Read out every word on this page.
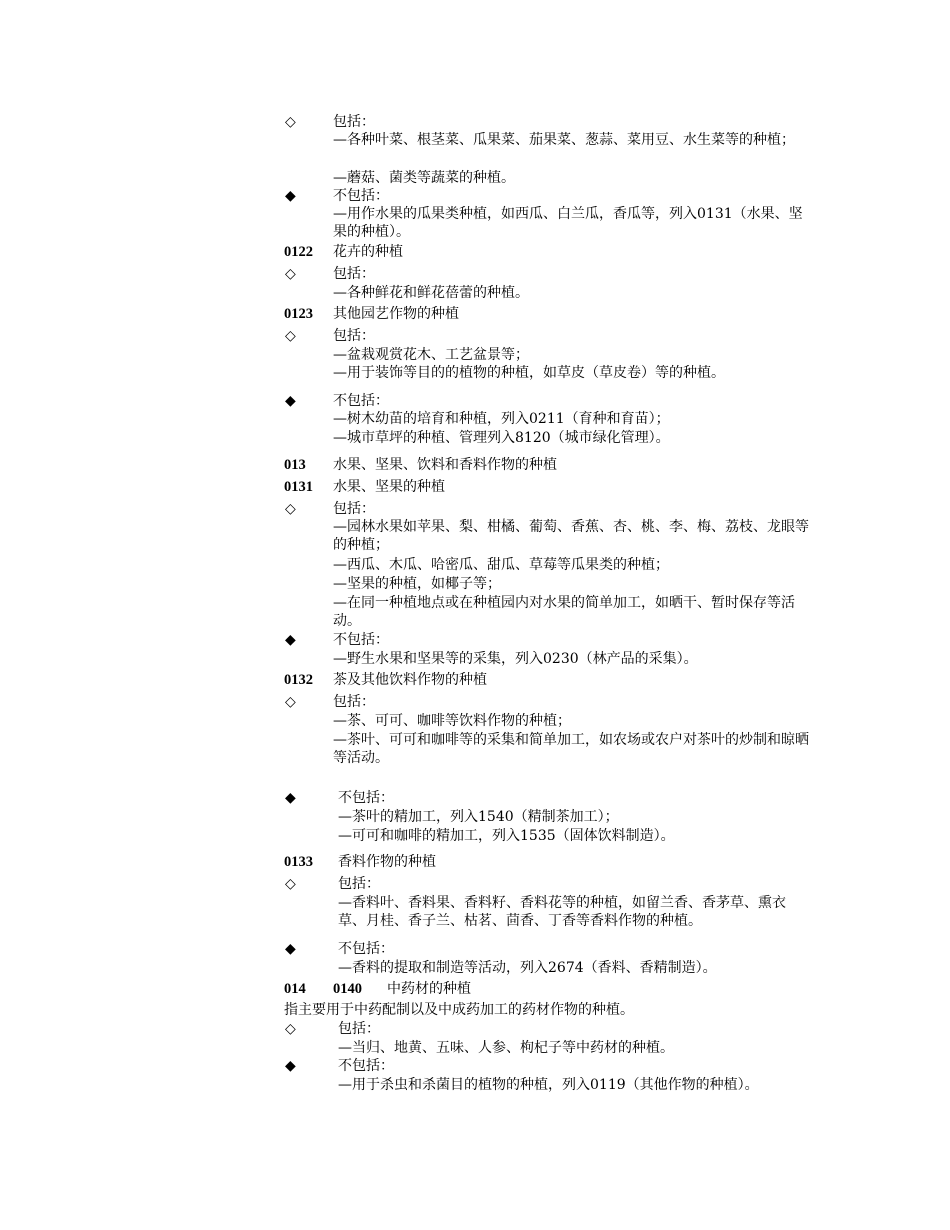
◇	包括：
—各种叶菜、根茎菜、瓜果菜、茄果菜、葱蒜、菜用豆、水生菜等的种植；
—蘑菇、菌类等蔬菜的种植。
◆	不包括：
—用作水果的瓜果类种植，如西瓜、白兰瓜，香瓜等，列入0131（水果、坚果的种植）。
0122 花卉的种植
◇	包括：
—各种鲜花和鲜花蓓蕾的种植。
0123 其他园艺作物的种植
◇	包括：
—盆栽观赏花木、工艺盆景等；
—用于装饰等目的的植物的种植，如草皮（草皮卷）等的种植。
◆	不包括：
—树木幼苗的培育和种植，列入0211（育种和育苗）；
—城市草坪的种植、管理列入8120（城市绿化管理）。
013 水果、坚果、饮料和香料作物的种植
0131 水果、坚果的种植
◇	包括：
—园林水果如苹果、梨、柑橘、葡萄、香蕉、杏、桃、李、梅、荔枝、龙眼等的种植；
—西瓜、木瓜、哈密瓜、甜瓜、草莓等瓜果类的种植；
—坚果的种植，如椰子等；
—在同一种植地点或在种植园内对水果的简单加工，如晒干、暂时保存等活动。
◆	不包括：
—野生水果和坚果等的采集，列入0230（林产品的采集）。
0132 茶及其他饮料作物的种植
◇	包括：
—茶、可可、咖啡等饮料作物的种植；
—茶叶、可可和咖啡等的采集和简单加工，如农场或农户对茶叶的炒制和晾晒等活动。
◆	不包括：
—茶叶的精加工，列入1540（精制茶加工）；
—可可和咖啡的精加工，列入1535（固体饮料制造）。
0133 香料作物的种植
◇	包括：
—香料叶、香料果、香料籽、香料花等的种植，如留兰香、香茅草、熏衣草、月桂、香子兰、枯茗、茴香、丁香等香料作物的种植。
◆	不包括：
—香料的提取和制造等活动，列入2674（香料、香精制造）。
014 0140 中药材的种植
指主要用于中药配制以及中成药加工的药材作物的种植。
◇	包括：
—当归、地黄、五味、人参、枸杞子等中药材的种植。
◆	不包括：
—用于杀虫和杀菌目的植物的种植，列入0119（其他作物的种植）。
